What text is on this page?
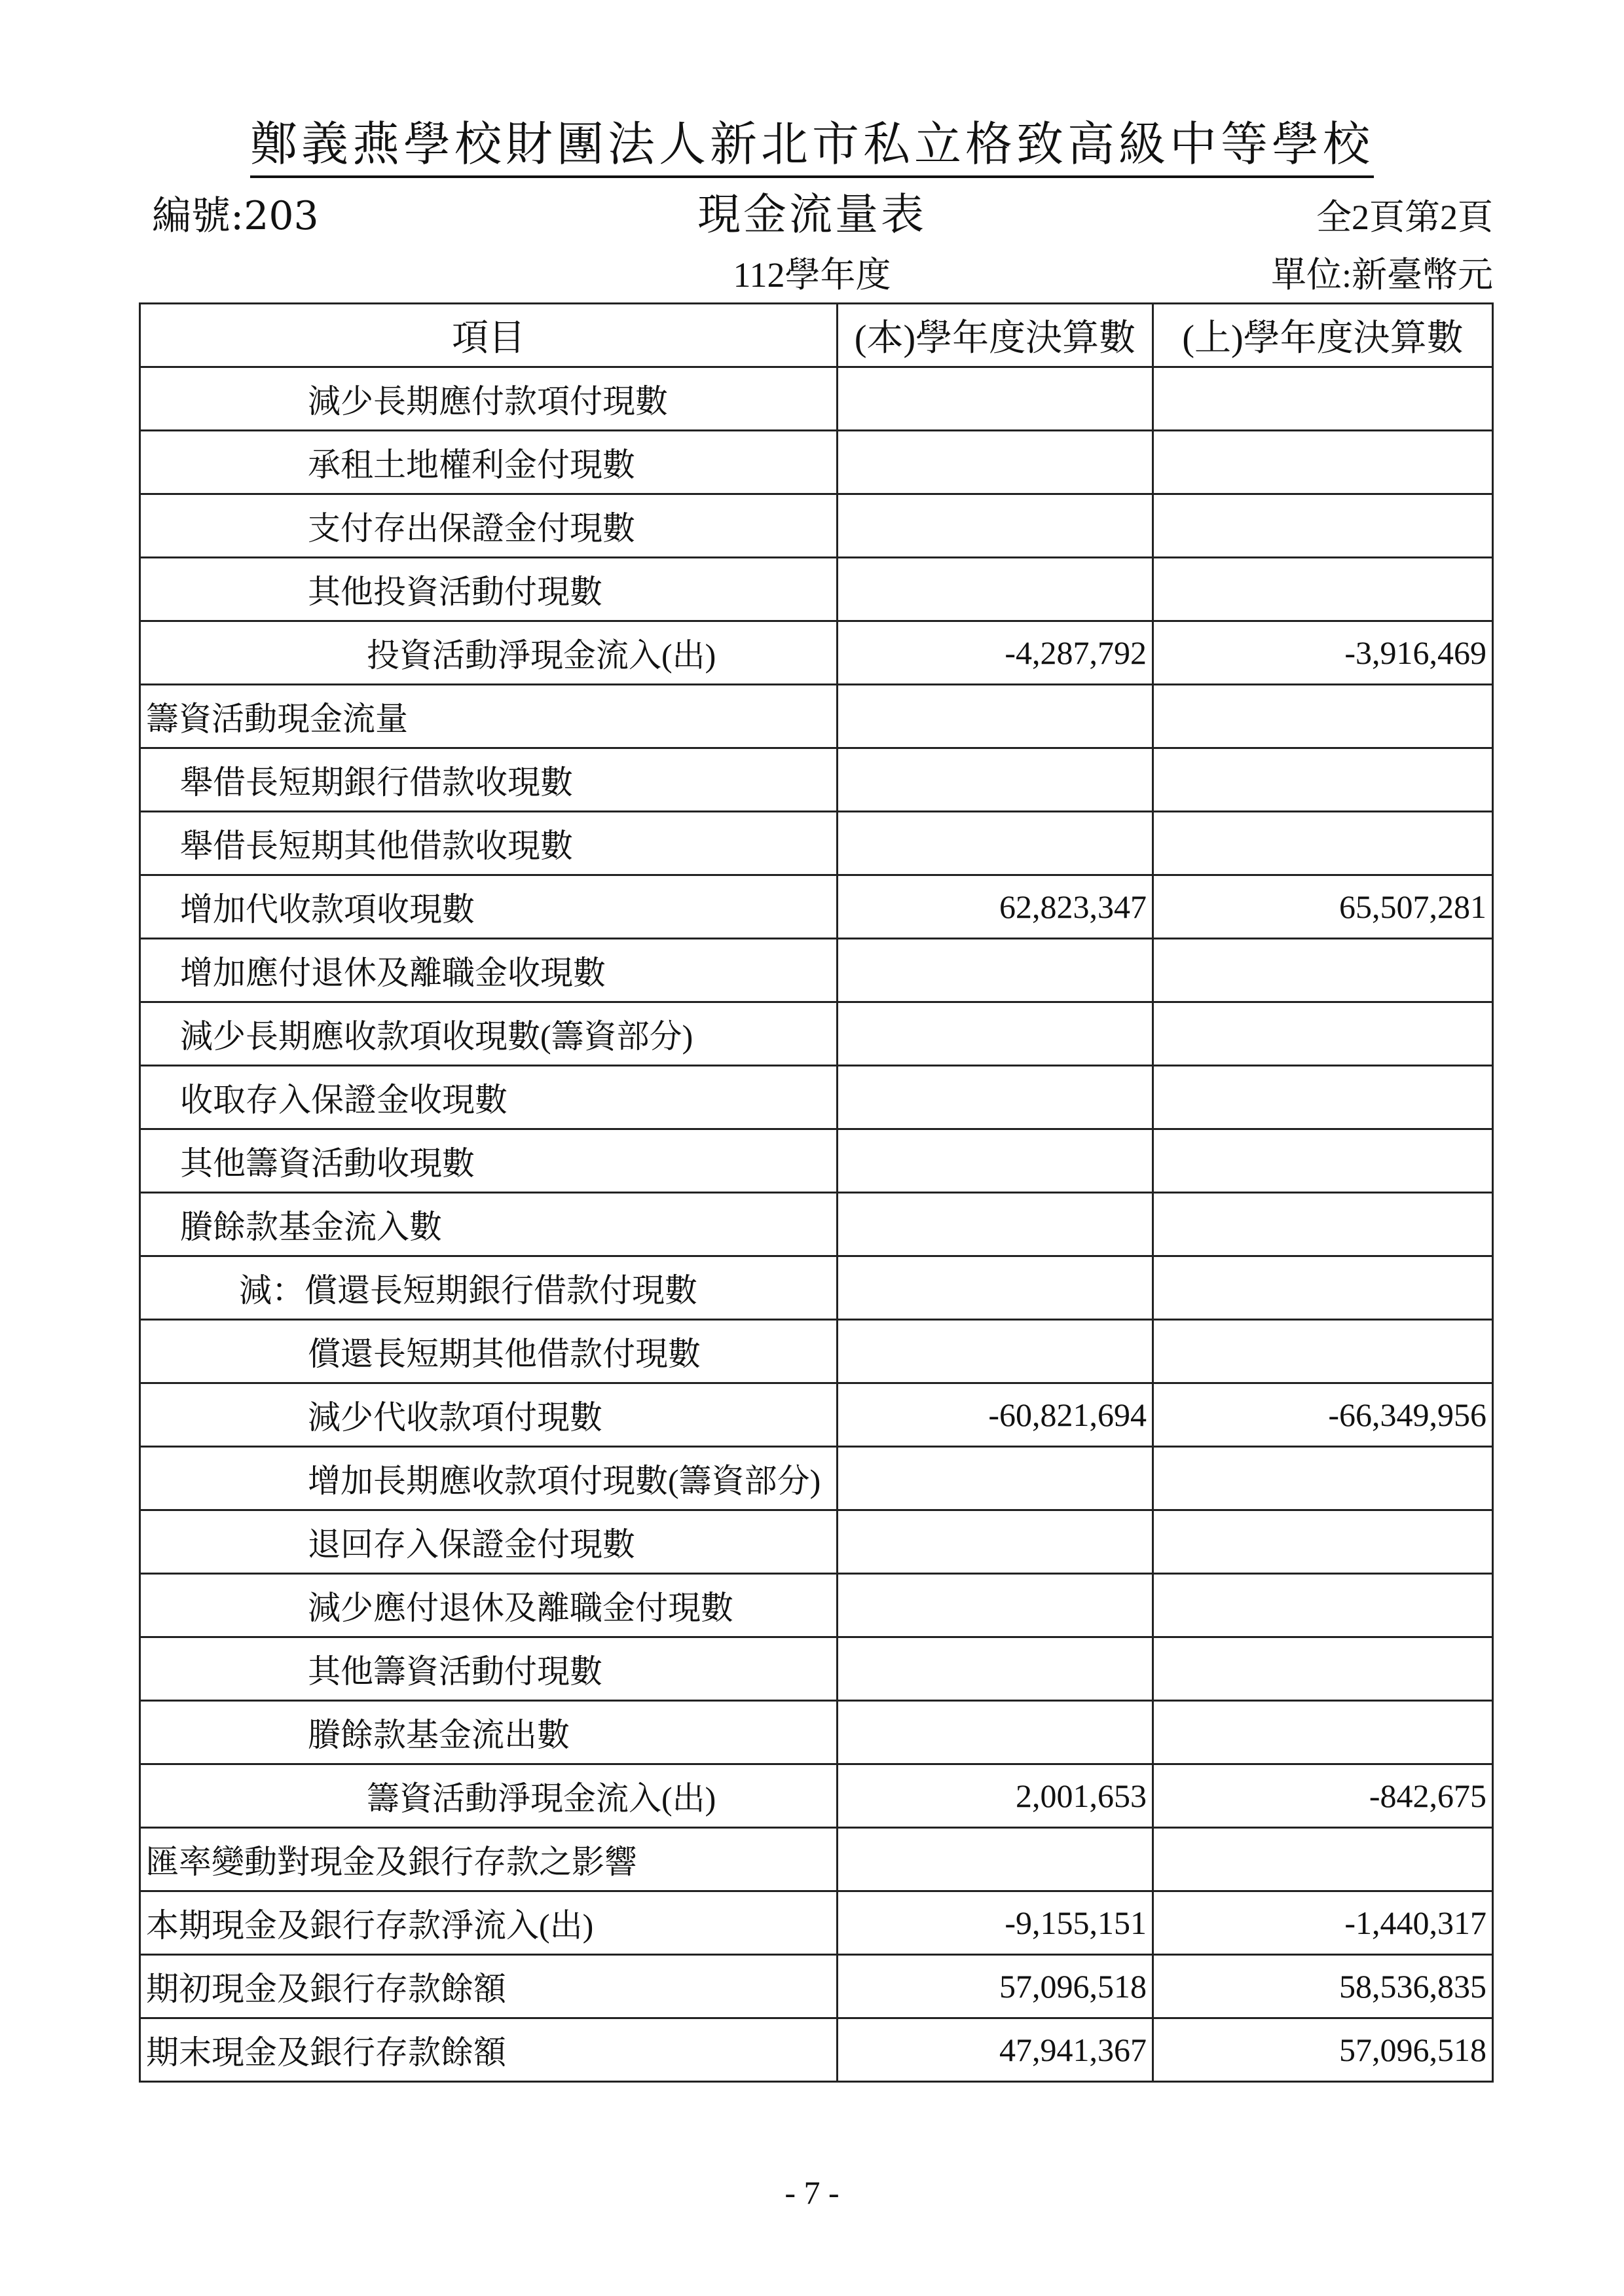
鄭義燕學校財團法人新北市私立格致高級中等學校
編號:203	現金流量表	全2頁第2頁
112學年度	單位:新臺幣元
項目	(本)學年度決算數	(上)學年度決算數
減少長期應付款項付現數		
承租土地權利金付現數		
支付存出保證金付現數		
其他投資活動付現數		
投資活動淨現金流入(出)	-4,287,792	-3,916,469
籌資活動現金流量		
舉借長短期銀行借款收現數		
舉借長短期其他借款收現數		
增加代收款項收現數	62,823,347	65,507,281
增加應付退休及離職金收現數		
減少長期應收款項收現數(籌資部分)		
收取存入保證金收現數		
其他籌資活動收現數		
賸餘款基金流入數		
減：償還長短期銀行借款付現數		
償還長短期其他借款付現數		
減少代收款項付現數	-60,821,694	-66,349,956
增加長期應收款項付現數(籌資部分)		
退回存入保證金付現數		
減少應付退休及離職金付現數		
其他籌資活動付現數		
賸餘款基金流出數		
籌資活動淨現金流入(出)	2,001,653	-842,675
匯率變動對現金及銀行存款之影響		
本期現金及銀行存款淨流入(出)	-9,155,151	-1,440,317
期初現金及銀行存款餘額	57,096,518	58,536,835
期末現金及銀行存款餘額	47,941,367	57,096,518
- 7 -
